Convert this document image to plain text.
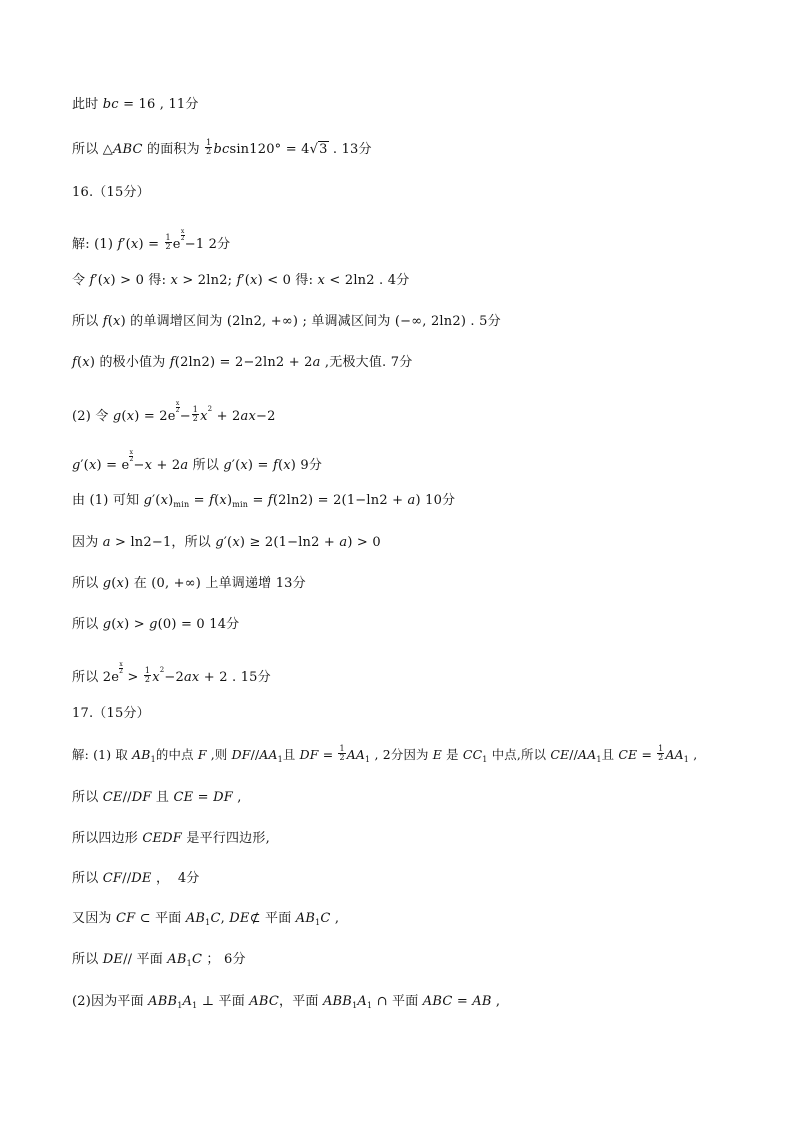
此时 bc = 16 , 11分
所以 △ABC 的面积为 $\frac{1}{2} bcsin120^\circ = 4√3$ . 13分
16.（15分）
解: (1) $f'(x) = \frac{1}{2}$ e
$\frac{x}{2}$
−1 2分
令 f′(x) > 0 得: x > 2ln2; f′(x) < 0 得: x < 2ln2 . 4分
所以 f(x) 的单调增区间为 (2ln2, +∞) ; 单调减区间为 (−∞, 2ln2) . 5分
f(x) 的极小值为 f(2ln2) = 2−2ln2 + 2a ,无极大值. 7分
(2) 令 g(x) = 2e
$\frac{x}{2}$
− $\frac{1}{2} x^2 + 2ax-2$
g′(x) = e
$\frac{x}{2}$
−x + 2a 所以 g′(x) = f(x) 9分
由 (1) 可知 $g'(x)_{min} = f(x)_{min} = f(2\ln 2) = 2(1-\ln 2 + a)$ 10分
因为 a > ln2−1，所以 g′(x) ≥ 2(1−ln2 + a) > 0
所以 g(x) 在 (0, +∞) 上单调递增 13分
所以 g(x) > g(0) = 0 14分
所以 2e
$\frac{x}{2}$
> $\frac{1}{2} x^2-2ax + 2$ . 15分
17.（15分）
解: (1) 取 $AB_1$的中点 F ,则 $DF//AA_1$且 DF = $\frac{1}{2} AA_1$ , 2分因为 E 是 $CC_1$ 中点,所以 $CE//AA_1$且 CE = $\frac{1}{2} AA_1$ ,
所以 CE//DF 且 CE = DF ,
所以四边形 CEDF 是平行四边形,
所以 CF//DE ，  4分
又因为 CF ⊂ 平面 $AB_1C$, DE⊄ 平面 $AB_1C$ ,
所以 DE// 平面 $AB_1C$ ； 6分
(2)因为平面 $ABB_1A_1$ ⊥ 平面 ABC，平面 $ABB_1A_1$ ∩ 平面 ABC = AB ,
